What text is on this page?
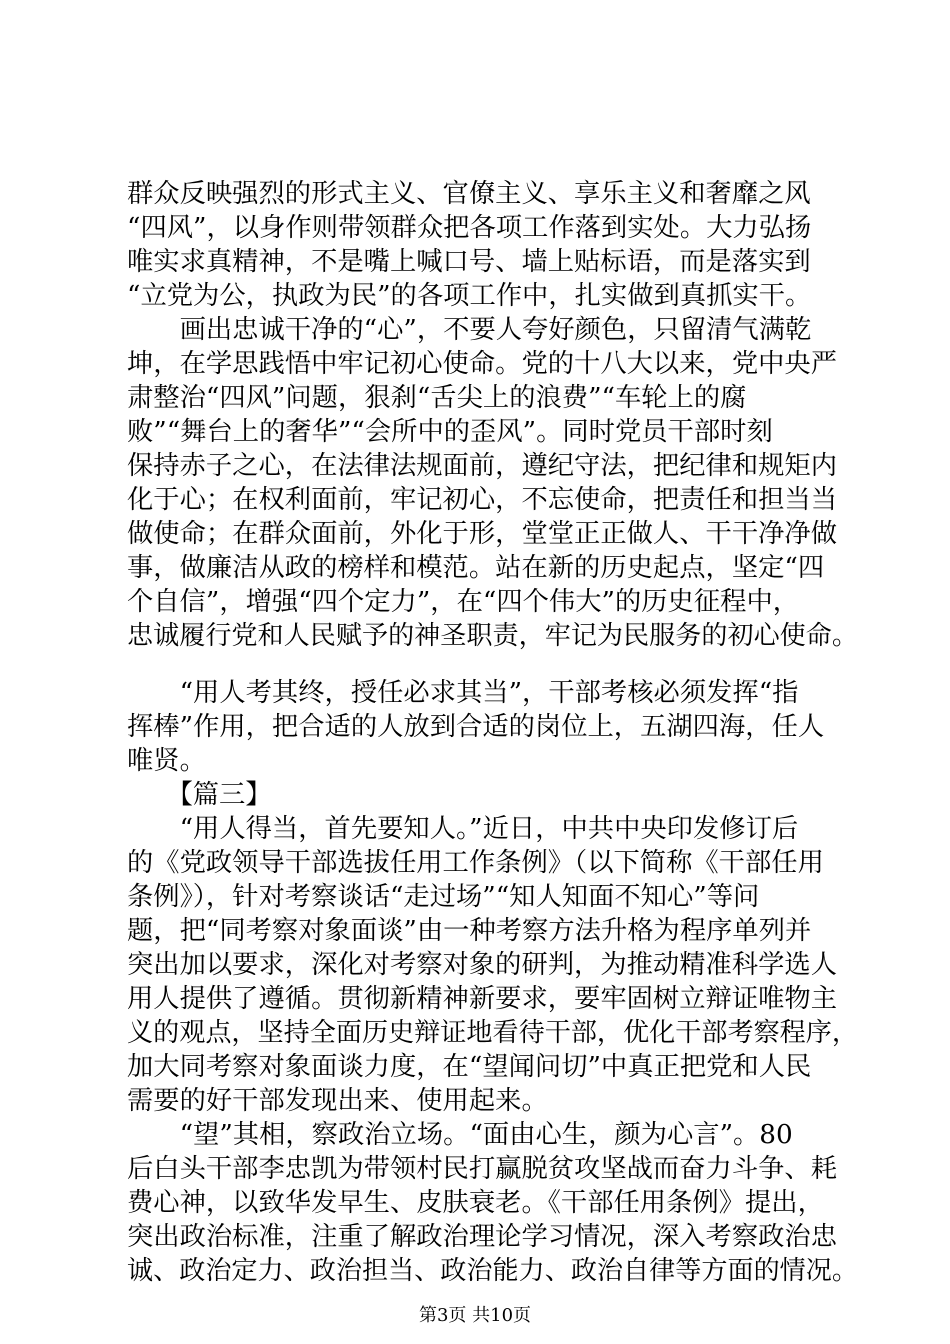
群众反映强烈的形式主义、官僚主义、享乐主义和奢靡之风

“四风”，以身作则带领群众把各项工作落到实处。大力弘扬

唯实求真精神，不是嘴上喊口号、墙上贴标语，而是落实到

“立党为公，执政为民”的各项工作中，扎实做到真抓实干。

　　画出忠诚干净的“心”，不要人夸好颜色，只留清气满乾

坤，在学思践悟中牢记初心使命。党的十八大以来，党中央严

肃整治“四风”问题，狠刹“舌尖上的浪费”“车轮上的腐

败”“舞台上的奢华”“会所中的歪风”。同时党员干部时刻

保持赤子之心，在法律法规面前，遵纪守法，把纪律和规矩内

化于心；在权利面前，牢记初心，不忘使命，把责任和担当当

做使命；在群众面前，外化于形，堂堂正正做人、干干净净做

事，做廉洁从政的榜样和模范。站在新的历史起点，坚定“四

个自信”，增强“四个定力”，在“四个伟大”的历史征程中，

忠诚履行党和人民赋予的神圣职责，牢记为民服务的初心使命。

　　“用人考其终，授任必求其当”，干部考核必须发挥“指

挥棒”作用，把合适的人放到合适的岗位上，五湖四海，任人

唯贤。

　　【篇三】

　　“用人得当，首先要知人。”近日，中共中央印发修订后

的《党政领导干部选拔任用工作条例》（以下简称《干部任用

条例》），针对考察谈话“走过场”“知人知面不知心”等问

题，把“同考察对象面谈”由一种考察方法升格为程序单列并

突出加以要求，深化对考察对象的研判，为推动精准科学选人

用人提供了遵循。贯彻新精神新要求，要牢固树立辩证唯物主

义的观点，坚持全面历史辩证地看待干部，优化干部考察程序，

加大同考察对象面谈力度，在“望闻问切”中真正把党和人民

需要的好干部发现出来、使用起来。

　　“望”其相，察政治立场。“面由心生，颜为心言”。80

后白头干部李忠凯为带领村民打赢脱贫攻坚战而奋力斗争、耗

费心神，以致华发早生、皮肤衰老。《干部任用条例》提出，

突出政治标准，注重了解政治理论学习情况，深入考察政治忠

诚、政治定力、政治担当、政治能力、政治自律等方面的情况。

第3页 共10页
